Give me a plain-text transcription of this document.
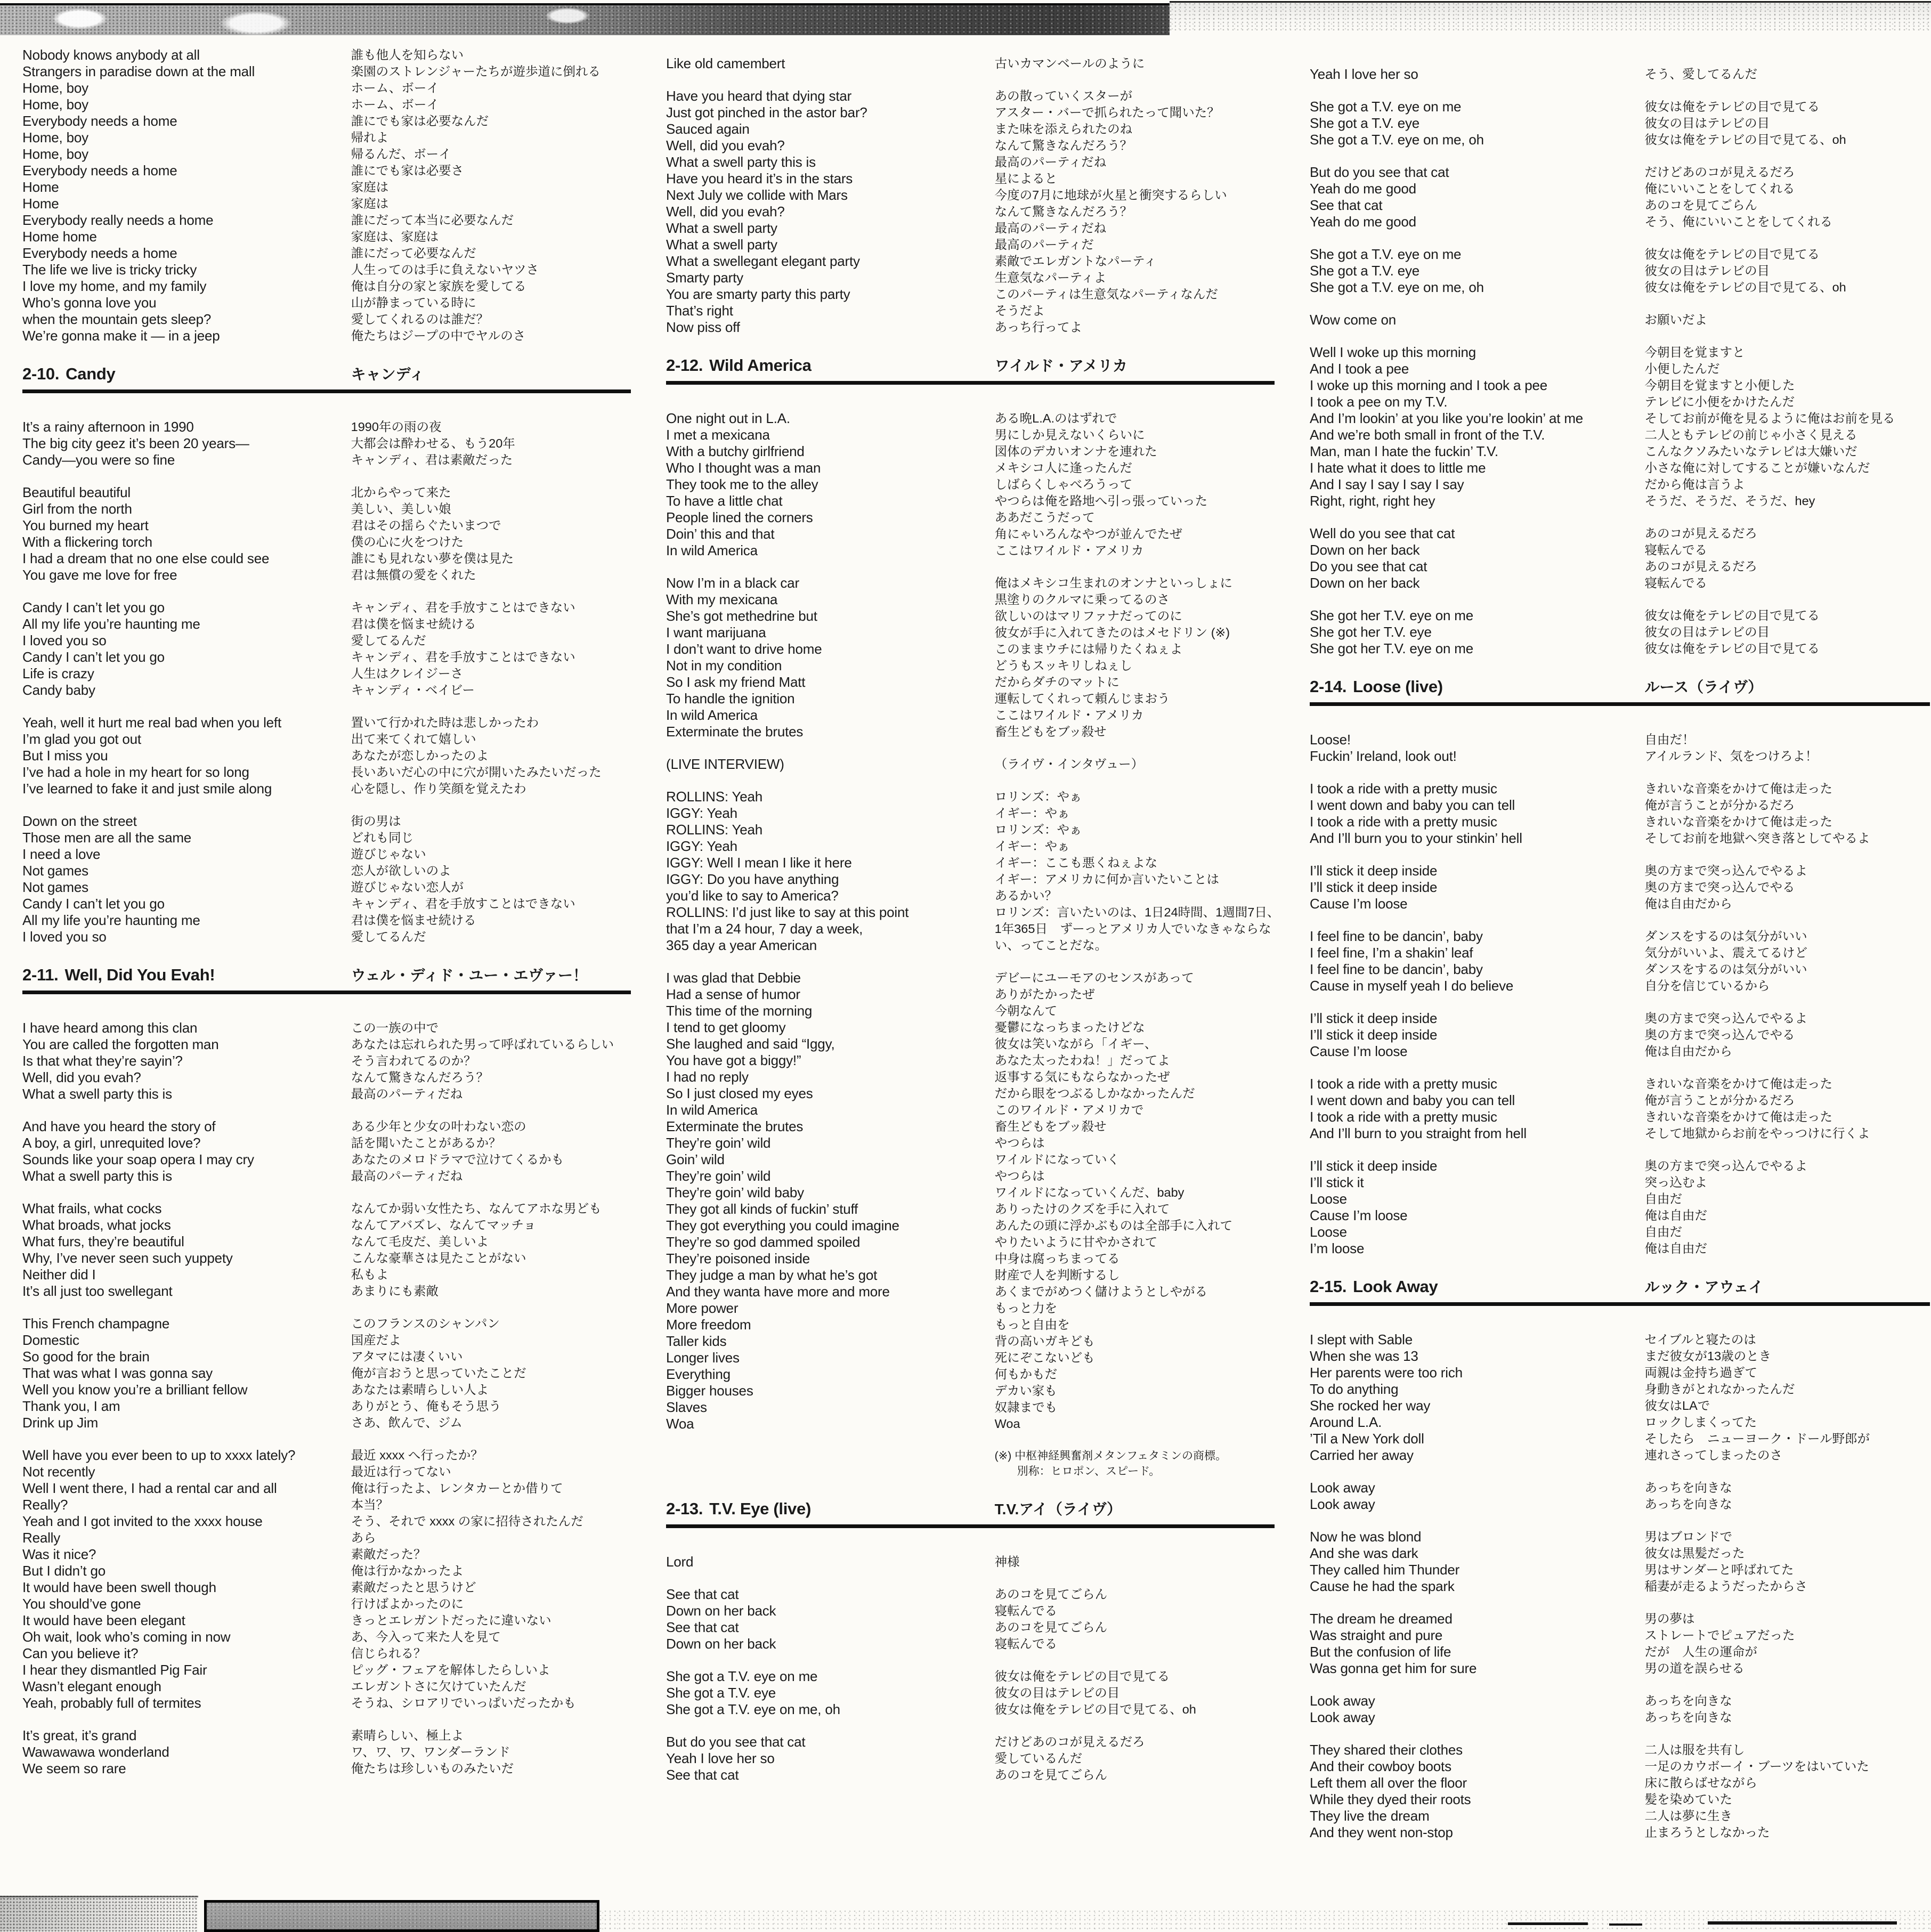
Nobody knows anybody at all	誰も他人を知らない
Strangers in paradise down at the mall	楽園のストレンジャーたちが遊歩道に倒れる
Home, boy	ホーム、ボーイ
Home, boy	ホーム、ボーイ
Everybody needs a home	誰にでも家は必要なんだ
Home, boy	帰れよ
Home, boy	帰るんだ、ボーイ
Everybody needs a home	誰にでも家は必要さ
Home	家庭は
Home	家庭は
Everybody really needs a home	誰にだって本当に必要なんだ
Home home	家庭は、家庭は
Everybody needs a home	誰にだって必要なんだ
The life we live is tricky tricky	人生ってのは手に負えないヤツさ
I love my home, and my family	俺は自分の家と家族を愛してる
Who’s gonna love you	山が静まっている時に
when the mountain gets sleep?	愛してくれるのは誰だ？
We’re gonna make it — in a jeep	俺たちはジープの中でヤルのさ
2-10. Candy	キャンディ
It’s a rainy afternoon in 1990	1990年の雨の夜
The big city geez it’s been 20 years—	大都会は酔わせる、もう20年
Candy—you were so fine	キャンディ、君は素敵だった
Beautiful beautiful	北からやって来た
Girl from the north	美しい、美しい娘
You burned my heart	君はその揺らぐたいまつで
With a flickering torch	僕の心に火をつけた
I had a dream that no one else could see	誰にも見れない夢を僕は見た
You gave me love for free	君は無償の愛をくれた
Candy I can’t let you go	キャンディ、君を手放すことはできない
All my life you’re haunting me	君は僕を悩ませ続ける
I loved you so	愛してるんだ
Candy I can’t let you go	キャンディ、君を手放すことはできない
Life is crazy	人生はクレイジーさ
Candy baby	キャンディ・ベイビー
Yeah, well it hurt me real bad when you left	置いて行かれた時は悲しかったわ
I’m glad you got out	出て来てくれて嬉しい
But I miss you	あなたが恋しかったのよ
I’ve had a hole in my heart for so long	長いあいだ心の中に穴が開いたみたいだった
I’ve learned to fake it and just smile along	心を隠し、作り笑顔を覚えたわ
Down on the street	街の男は
Those men are all the same	どれも同じ
I need a love	遊びじゃない
Not games	恋人が欲しいのよ
Not games	遊びじゃない恋人が
Candy I can’t let you go	キャンディ、君を手放すことはできない
All my life you’re haunting me	君は僕を悩ませ続ける
I loved you so	愛してるんだ
2-11. Well, Did You Evah!	ウェル・ディド・ユー・エヴァー！
I have heard among this clan	この一族の中で
You are called the forgotten man	あなたは忘れられた男って呼ばれているらしい
Is that what they’re sayin’?	そう言われてるのか？
Well, did you evah?	なんて驚きなんだろう？
What a swell party this is	最高のパーティだね
And have you heard the story of	ある少年と少女の叶わない恋の
A boy, a girl, unrequited love?	話を聞いたことがあるか？
Sounds like your soap opera I may cry	あなたのメロドラマで泣けてくるかも
What a swell party this is	最高のパーティだね
What frails, what cocks	なんてか弱い女性たち、なんてアホな男ども
What broads, what jocks	なんてアバズレ、なんてマッチョ
What furs, they’re beautiful	なんて毛皮だ、美しいよ
Why, I’ve never seen such yuppety	こんな豪華さは見たことがない
Neither did I	私もよ
It’s all just too swellegant	あまりにも素敵
This French champagne	このフランスのシャンパン
Domestic	国産だよ
So good for the brain	アタマには凄くいい
That was what I was gonna say	俺が言おうと思っていたことだ
Well you know you’re a brilliant fellow	あなたは素晴らしい人よ
Thank you, I am	ありがとう、俺もそう思う
Drink up Jim	さあ、飲んで、ジム
Well have you ever been to up to xxxx lately?	最近 xxxx へ行ったか？
Not recently	最近は行ってない
Well I went there, I had a rental car and all	俺は行ったよ、レンタカーとか借りて
Really?	本当？
Yeah and I got invited to the xxxx house	そう、それで xxxx の家に招待されたんだ
Really	あら
Was it nice?	素敵だった？
But I didn’t go	俺は行かなかったよ
It would have been swell though	素敵だったと思うけど
You should’ve gone	行けばよかったのに
It would have been elegant	きっとエレガントだったに違いない
Oh wait, look who’s coming in now	あ、今入って来た人を見て
Can you believe it?	信じられる？
I hear they dismantled Pig Fair	ピッグ・フェアを解体したらしいよ
Wasn’t elegant enough	エレガントさに欠けていたんだ
Yeah, probably full of termites	そうね、シロアリでいっぱいだったかも
It’s great, it’s grand	素晴らしい、極上よ
Wawawawa wonderland	ワ、ワ、ワ、ワンダーランド
We seem so rare	俺たちは珍しいものみたいだ
Like old camembert	古いカマンベールのように
Have you heard that dying star	あの散っていくスターが
Just got pinched in the astor bar?	アスター・バーで抓られたって聞いた？
Sauced again	また味を添えられたのね
Well, did you evah?	なんて驚きなんだろう？
What a swell party this is	最高のパーティだね
Have you heard it’s in the stars	星によると
Next July we collide with Mars	今度の7月に地球が火星と衝突するらしい
Well, did you evah?	なんて驚きなんだろう？
What a swell party	最高のパーティだね
What a swell party	最高のパーティだ
What a swellegant elegant party	素敵でエレガントなパーティ
Smarty party	生意気なパーティよ
You are smarty party this party	このパーティは生意気なパーティなんだ
That’s right	そうだよ
Now piss off	あっち行ってよ
2-12. Wild America	ワイルド・アメリカ
One night out in L.A.	ある晩L.A.のはずれで
I met a mexicana	男にしか見えないくらいに
With a butchy girlfriend	図体のデカいオンナを連れた
Who I thought was a man	メキシコ人に逢ったんだ
They took me to the alley	しばらくしゃべろうって
To have a little chat	やつらは俺を路地へ引っ張っていった
People lined the corners	ああだこうだって
Doin’ this and that	角にゃいろんなやつが並んでたぜ
In wild America	ここはワイルド・アメリカ
Now I’m in a black car	俺はメキシコ生まれのオンナといっしょに
With my mexicana	黒塗りのクルマに乗ってるのさ
She’s got methedrine but	欲しいのはマリファナだってのに
I want marijuana	彼女が手に入れてきたのはメセドリン (※)
I don’t want to drive home	このままウチには帰りたくねぇよ
Not in my condition	どうもスッキリしねぇし
So I ask my friend Matt	だからダチのマットに
To handle the ignition	運転してくれって頼んじまおう
In wild America	ここはワイルド・アメリカ
Exterminate the brutes	畜生どもをブッ殺せ
(LIVE INTERVIEW)	（ライヴ・インタヴュー）
ROLLINS: Yeah	ロリンズ：やぁ
IGGY: Yeah	イギー：やぁ
ROLLINS: Yeah	ロリンズ：やぁ
IGGY: Yeah	イギー：やぁ
IGGY: Well I mean I like it here	イギー：ここも悪くねぇよな
IGGY: Do you have anything	イギー：アメリカに何か言いたいことは
you’d like to say to America?	あるかい？
ROLLINS: I’d just like to say at this point	ロリンズ：言いたいのは、1日24時間、1週間7日、
that I’m a 24 hour, 7 day a week,	1年365日　ずーっとアメリカ人でいなきゃならな
365 day a year American	い、ってことだな。
I was glad that Debbie	デビーにユーモアのセンスがあって
Had a sense of humor	ありがたかったぜ
This time of the morning	今朝なんて
I tend to get gloomy	憂鬱になっちまったけどな
She laughed and said “Iggy,	彼女は笑いながら「イギー、
You have got a biggy!”	あなた太ったわね！」だってよ
I had no reply	返事する気にもならなかったぜ
So I just closed my eyes	だから眼をつぶるしかなかったんだ
In wild America	このワイルド・アメリカで
Exterminate the brutes	畜生どもをブッ殺せ
They’re goin’ wild	やつらは
Goin’ wild	ワイルドになっていく
They’re goin’ wild	やつらは
They’re goin’ wild baby	ワイルドになっていくんだ、baby
They got all kinds of fuckin’ stuff	ありったけのクズを手に入れて
They got everything you could imagine	あんたの頭に浮かぶものは全部手に入れて
They’re so god dammed spoiled	やりたいように甘やかされて
They’re poisoned inside	中身は腐っちまってる
They judge a man by what he’s got	財産で人を判断するし
And they wanta have more and more	あくまでがめつく儲けようとしやがる
More power	もっと力を
More freedom	もっと自由を
Taller kids	背の高いガキども
Longer lives	死にぞこないども
Everything	何もかもだ
Bigger houses	デカい家も
Slaves	奴隷までも
Woa	Woa
(※) 中枢神経興奮剤メタンフェタミンの商標。
　　別称：ヒロポン、スピード。
2-13. T.V. Eye (live)	T.V.アイ（ライヴ）
Lord	神様
See that cat	あのコを見てごらん
Down on her back	寝転んでる
See that cat	あのコを見てごらん
Down on her back	寝転んでる
She got a T.V. eye on me	彼女は俺をテレビの目で見てる
She got a T.V. eye	彼女の目はテレビの目
She got a T.V. eye on me, oh	彼女は俺をテレビの目で見てる、oh
But do you see that cat	だけどあのコが見えるだろ
Yeah I love her so	愛しているんだ
See that cat	あのコを見てごらん
Yeah I love her so	そう、愛してるんだ
She got a T.V. eye on me	彼女は俺をテレビの目で見てる
She got a T.V. eye	彼女の目はテレビの目
She got a T.V. eye on me, oh	彼女は俺をテレビの目で見てる、oh
But do you see that cat	だけどあのコが見えるだろ
Yeah do me good	俺にいいことをしてくれる
See that cat	あのコを見てごらん
Yeah do me good	そう、俺にいいことをしてくれる
She got a T.V. eye on me	彼女は俺をテレビの目で見てる
She got a T.V. eye	彼女の目はテレビの目
She got a T.V. eye on me, oh	彼女は俺をテレビの目で見てる、oh
Wow come on	お願いだよ
Well I woke up this morning	今朝目を覚ますと
And I took a pee	小便したんだ
I woke up this morning and I took a pee	今朝目を覚ますと小便した
I took a pee on my T.V.	テレビに小便をかけたんだ
And I’m lookin’ at you like you’re lookin’ at me	そしてお前が俺を見るように俺はお前を見る
And we’re both small in front of the T.V.	二人ともテレビの前じゃ小さく見える
Man, man I hate the fuckin’ T.V.	こんなクソみたいなテレビは大嫌いだ
I hate what it does to little me	小さな俺に対してすることが嫌いなんだ
And I say I say I say I say	だから俺は言うよ
Right, right, right hey	そうだ、そうだ、そうだ、hey
Well do you see that cat	あのコが見えるだろ
Down on her back	寝転んでる
Do you see that cat	あのコが見えるだろ
Down on her back	寝転んでる
She got her T.V. eye on me	彼女は俺をテレビの目で見てる
She got her T.V. eye	彼女の目はテレビの目
She got her T.V. eye on me	彼女は俺をテレビの目で見てる
2-14. Loose (live)	ルース（ライヴ）
Loose!	自由だ！
Fuckin’ Ireland, look out!	アイルランド、気をつけろよ！
I took a ride with a pretty music	きれいな音楽をかけて俺は走った
I went down and baby you can tell	俺が言うことが分かるだろ
I took a ride with a pretty music	きれいな音楽をかけて俺は走った
And I’ll burn you to your stinkin’ hell	そしてお前を地獄へ突き落としてやるよ
I’ll stick it deep inside	奥の方まで突っ込んでやるよ
I’ll stick it deep inside	奥の方まで突っ込んでやる
Cause I’m loose	俺は自由だから
I feel fine to be dancin’, baby	ダンスをするのは気分がいい
I feel fine, I’m a shakin’ leaf	気分がいいよ、震えてるけど
I feel fine to be dancin’, baby	ダンスをするのは気分がいい
Cause in myself yeah I do believe	自分を信じているから
I’ll stick it deep inside	奥の方まで突っ込んでやるよ
I’ll stick it deep inside	奥の方まで突っ込んでやる
Cause I’m loose	俺は自由だから
I took a ride with a pretty music	きれいな音楽をかけて俺は走った
I went down and baby you can tell	俺が言うことが分かるだろ
I took a ride with a pretty music	きれいな音楽をかけて俺は走った
And I’ll burn to you straight from hell	そして地獄からお前をやっつけに行くよ
I’ll stick it deep inside	奥の方まで突っ込んでやるよ
I’ll stick it	突っ込むよ
Loose	自由だ
Cause I’m loose	俺は自由だ
Loose	自由だ
I’m loose	俺は自由だ
2-15. Look Away	ルック・アウェイ
I slept with Sable	セイブルと寝たのは
When she was 13	まだ彼女が13歳のとき
Her parents were too rich	両親は金持ち過ぎて
To do anything	身動きがとれなかったんだ
She rocked her way	彼女はLAで
Around L.A.	ロックしまくってた
’Til a New York doll	そしたら　ニューヨーク・ドール野郎が
Carried her away	連れさってしまったのさ
Look away	あっちを向きな
Look away	あっちを向きな
Now he was blond	男はブロンドで
And she was dark	彼女は黒髪だった
They called him Thunder	男はサンダーと呼ばれてた
Cause he had the spark	稲妻が走るようだったからさ
The dream he dreamed	男の夢は
Was straight and pure	ストレートでピュアだった
But the confusion of life	だが　人生の運命が
Was gonna get him for sure	男の道を誤らせる
Look away	あっちを向きな
Look away	あっちを向きな
They shared their clothes	二人は服を共有し
And their cowboy boots	一足のカウボーイ・ブーツをはいていた
Left them all over the floor	床に散らばせながら
While they dyed their roots	髪を染めていた
They live the dream	二人は夢に生き
And they went non-stop	止まろうとしなかった
